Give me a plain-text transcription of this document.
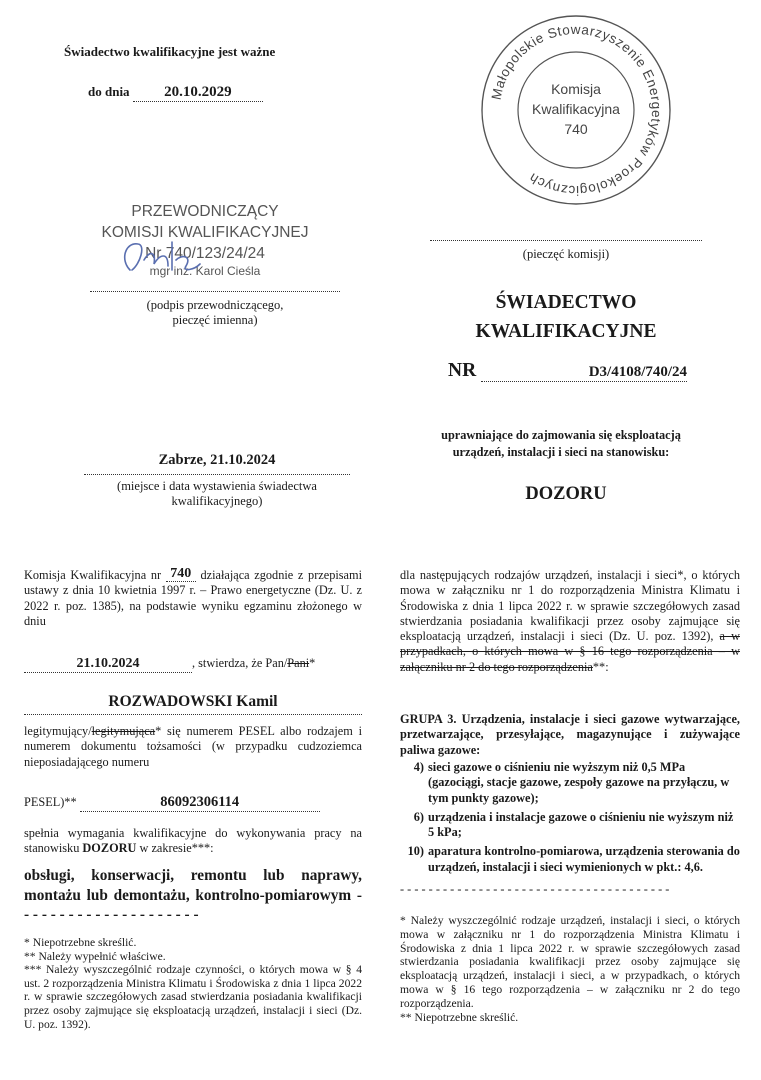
Świadectwo kwalifikacyjne jest ważne
do dnia 20.10.2029	Małopolskie Stowarzyszenie Energetyków Proekologicznych
Komisja
Kwalifikacyjna
740
(pieczęć komisji)
PRZEWODNICZĄCY
KOMISJI KWALIFIKACYJNEJ
Nr 740/123/24/24
mgr inż. Karol Cieśla
(podpis przewodniczącego,
pieczęć imienna)
ŚWIADECTWO
KWALIFIKACYJNE
NR	D3/4108/740/24
uprawniające do zajmowania się eksploatacją
urządzeń, instalacji i sieci na stanowisku:
DOZORU
Zabrze, 21.10.2024
(miejsce i data wystawienia świadectwa
kwalifikacyjnego)
Komisja Kwalifikacyjna nr 740 działająca zgodnie z przepisami ustawy z dnia 10 kwietnia 1997 r. – Prawo energetyczne (Dz. U. z 2022 r. poz. 1385), na podstawie wyniku egzaminu złożonego w dniu
21.10.2024	, stwierdza, że Pan/Pani*
ROZWADOWSKI Kamil
legitymujący/legitymująca* się numerem PESEL albo rodzajem i numerem dokumentu tożsamości (w przypadku cudzoziemca nieposiadającego numeru
PESEL)**	86092306114
spełnia wymagania kwalifikacyjne do wykonywania pracy na stanowisku DOZORU w zakresie***:
obsługi, konserwacji, remontu lub naprawy, montażu lub demontażu, kontrolno-pomiarowym - - - - - - - - - - - - - - - - - - - - -
* Niepotrzebne skreślić.
** Należy wypełnić właściwe.
*** Należy wyszczególnić rodzaje czynności, o których mowa w § 4 ust. 2 rozporządzenia Ministra Klimatu i Środowiska z dnia 1 lipca 2022 r. w sprawie szczegółowych zasad stwierdzania posiadania kwalifikacji przez osoby zajmujące się eksploatacją urządzeń, instalacji i sieci (Dz. U. poz. 1392).
dla następujących rodzajów urządzeń, instalacji i sieci*, o których mowa w załączniku nr 1 do rozporządzenia Ministra Klimatu i Środowiska z dnia 1 lipca 2022 r. w sprawie szczegółowych zasad stwierdzania posiadania kwalifikacji przez osoby zajmujące się eksploatacją urządzeń, instalacji i sieci (Dz. U. poz. 1392), a w przypadkach, o których mowa w § 16 tego rozporządzenia – w załączniku nr 2 do tego rozporządzenia**:
GRUPA 3. Urządzenia, instalacje i sieci gazowe wytwarzające, przetwarzające, przesyłające, magazynujące i zużywające paliwa gazowe:
4) sieci gazowe o ciśnieniu nie wyższym niż 0,5 MPa (gazociągi, stacje gazowe, zespoły gazowe na przyłączu, w tym punkty gazowe);
6) urządzenia i instalacje gazowe o ciśnieniu nie wyższym niż 5 kPa;
10) aparatura kontrolno-pomiarowa, urządzenia sterowania do urządzeń, instalacji i sieci wymienionych w pkt.: 4,6.
- - - - - - - - - - - - - - - - - - - - - - - - - - - - - - - - - - - - - -
* Należy wyszczególnić rodzaje urządzeń, instalacji i sieci, o których mowa w załączniku nr 1 do rozporządzenia Ministra Klimatu i Środowiska z dnia 1 lipca 2022 r. w sprawie szczegółowych zasad stwierdzania posiadania kwalifikacji przez osoby zajmujące się eksploatacją urządzeń, instalacji i sieci, a w przypadkach, o których mowa w § 16 tego rozporządzenia – w załączniku nr 2 do tego rozporządzenia.
** Niepotrzebne skreślić.
